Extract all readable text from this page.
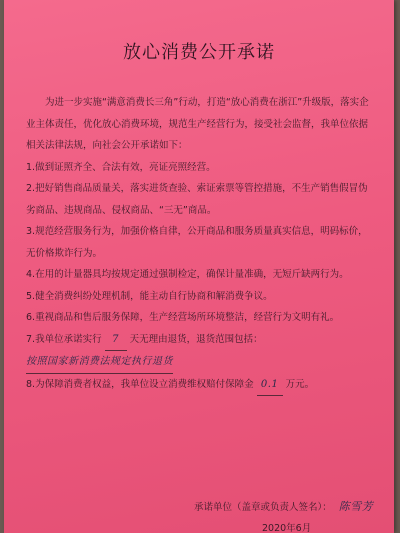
放心消费公开承诺

为进一步实施“满意消费长三角”行动，打造“放心消费在浙江”升级版，落实企业主体责任，优化放心消费环境，规范生产经营行为，接受社会监督，我单位依据相关法律法规，向社会公开承诺如下：

1.做到证照齐全、合法有效，亮证亮照经营。

2.把好销售商品质量关，落实进货查验、索证索票等管控措施，不生产销售假冒伪劣商品、违规商品、侵权商品、“三无”商品。

3.规范经营服务行为，加强价格自律，公开商品和服务质量真实信息，明码标价，无价格欺诈行为。

4.在用的计量器具均按规定通过强制检定，确保计量准确，无短斤缺两行为。

5.健全消费纠纷处理机制，能主动自行协商和解消费争议。

6.重视商品和售后服务保障，生产经营场所环境整洁，经营行为文明有礼。

7.我单位承诺实行 7 天无理由退货，退货范围包括： 按照国家新消费法规定执行退货

8.为保障消费者权益，我单位设立消费维权赔付保障金 0.1 万元。

承诺单位（盖章或负责人签名）： 陈雪芳
2020年6月
